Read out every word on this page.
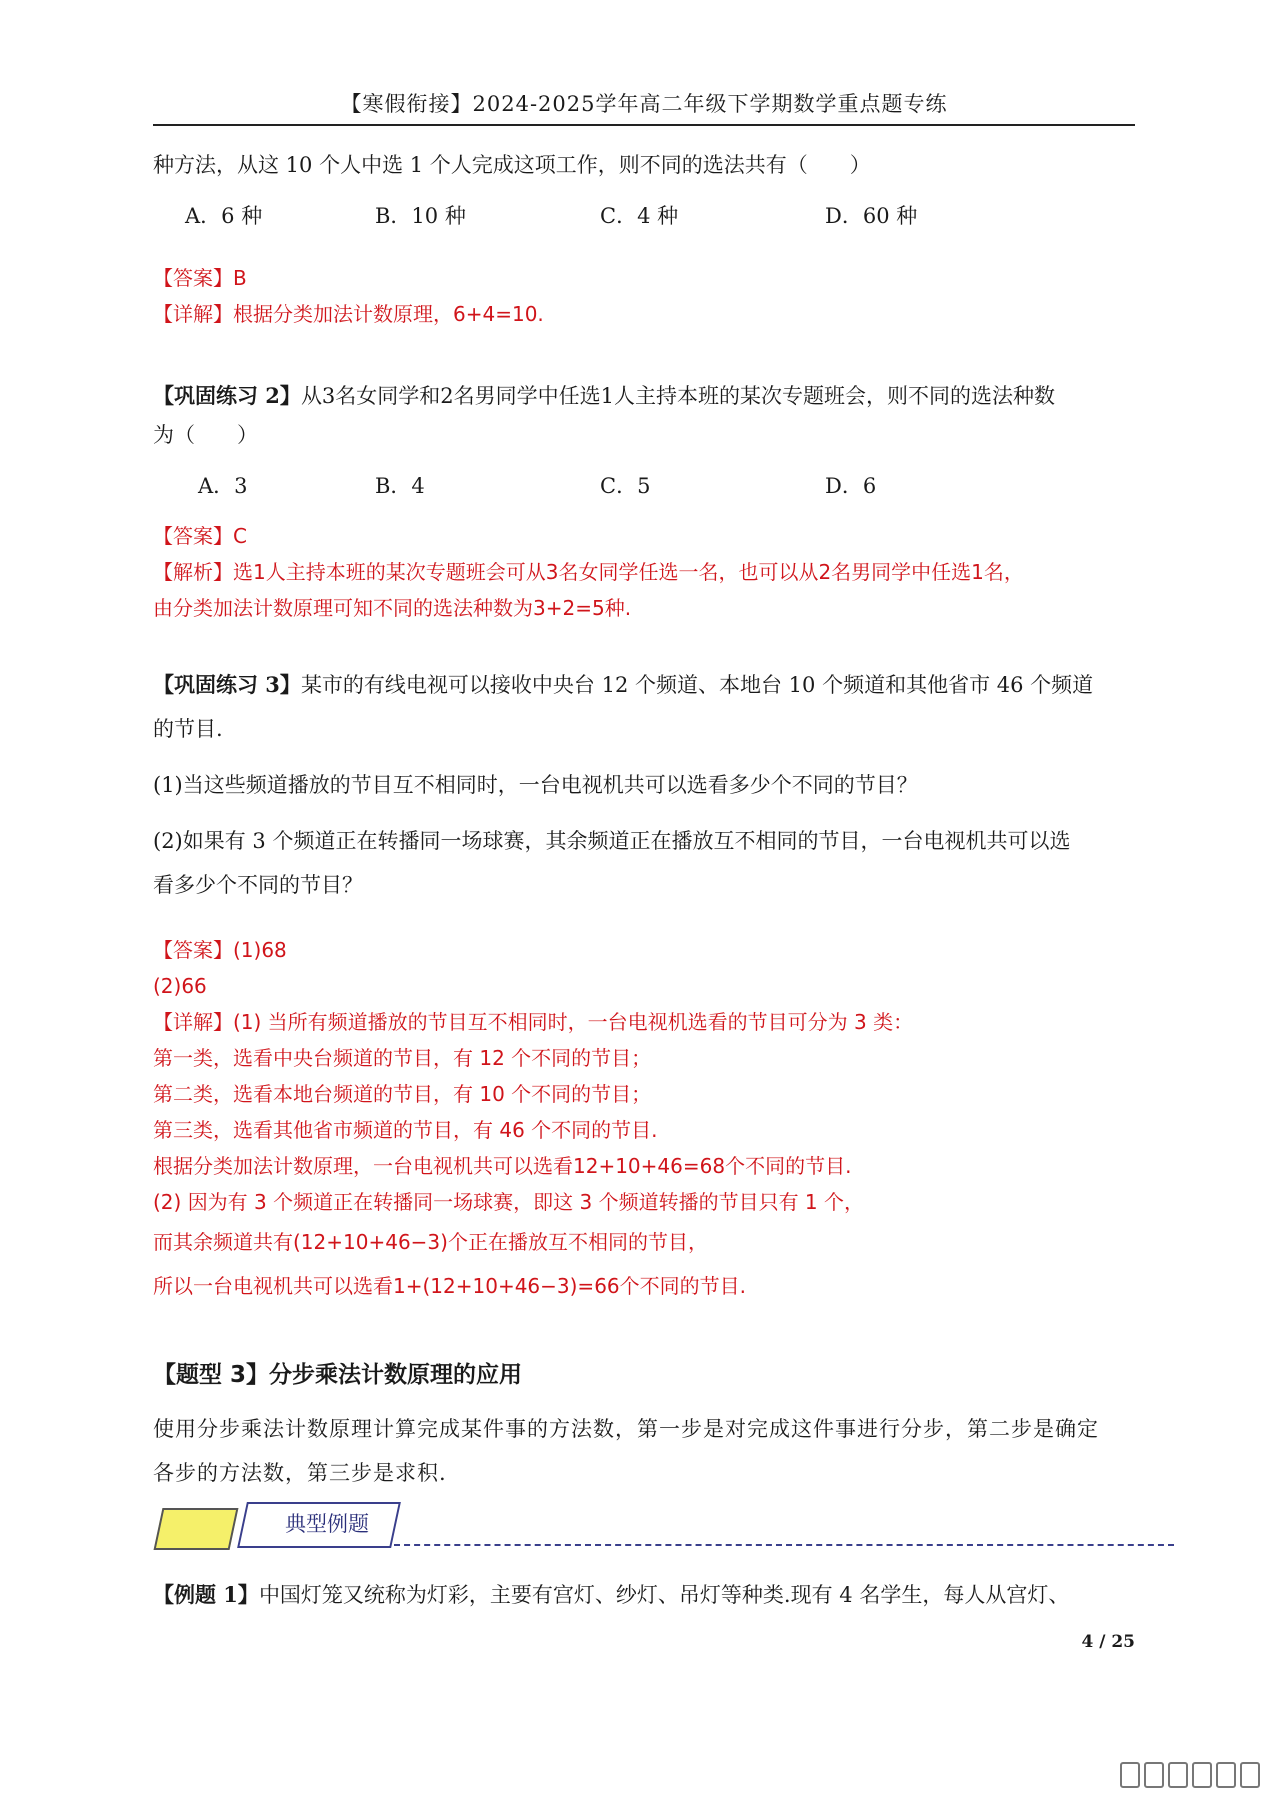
【寒假衔接】2024-2025学年高二年级下学期数学重点题专练
种方法，从这 10 个人中选 1 个人完成这项工作，则不同的选法共有（　　）
A．6 种	B．10 种	C．4 种	D．60 种
【答案】B
【详解】根据分类加法计数原理，6+4=10.
【巩固练习 2】从3名女同学和2名男同学中任选1人主持本班的某次专题班会，则不同的选法种数
为（　　）
A．3	B．4	C．5	D．6
【答案】C
【解析】选1人主持本班的某次专题班会可从3名女同学任选一名，也可以从2名男同学中任选1名，
由分类加法计数原理可知不同的选法种数为3+2=5种.
【巩固练习 3】某市的有线电视可以接收中央台 12 个频道、本地台 10 个频道和其他省市 46 个频道
的节目.
(1)当这些频道播放的节目互不相同时，一台电视机共可以选看多少个不同的节目？
(2)如果有 3 个频道正在转播同一场球赛，其余频道正在播放互不相同的节目，一台电视机共可以选
看多少个不同的节目？
【答案】(1)68
(2)66
【详解】(1) 当所有频道播放的节目互不相同时，一台电视机选看的节目可分为 3 类：
第一类，选看中央台频道的节目，有 12 个不同的节目；
第二类，选看本地台频道的节目，有 10 个不同的节目；
第三类，选看其他省市频道的节目，有 46 个不同的节目.
根据分类加法计数原理，一台电视机共可以选看12+10+46=68个不同的节目.
(2) 因为有 3 个频道正在转播同一场球赛，即这 3 个频道转播的节目只有 1 个，
而其余频道共有(12+10+46−3)个正在播放互不相同的节目，
所以一台电视机共可以选看1+(12+10+46−3)=66个不同的节目.
【题型 3】分步乘法计数原理的应用
使用分步乘法计数原理计算完成某件事的方法数，第一步是对完成这件事进行分步，第二步是确定
各步的方法数，第三步是求积.
典型例题
【例题 1】中国灯笼又统称为灯彩，主要有宫灯、纱灯、吊灯等种类.现有 4 名学生，每人从宫灯、
4 / 25
